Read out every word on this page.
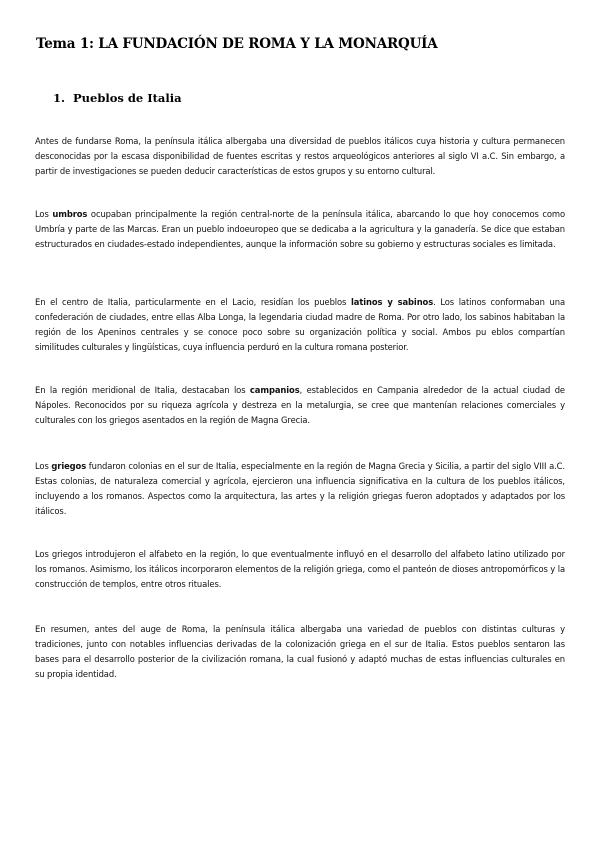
Tema 1: LA FUNDACIÓN DE ROMA Y LA MONARQUÍA
1. Pueblos de Italia

Antes de fundarse Roma, la península itálica albergaba una diversidad de pueblos itálicos cuya historia y cultura permanecen desconocidas por la escasa disponibilidad de fuentes escritas y restos arqueológicos anteriores al siglo VI a.C. Sin embargo, a partir de investigaciones se pueden deducir características de estos grupos y su entorno cultural.

Los umbros ocupaban principalmente la región central-norte de la península itálica, abarcando lo que hoy conocemos como Umbría y parte de las Marcas. Eran un pueblo indoeuropeo que se dedicaba a la agricultura y la ganadería. Se dice que estaban estructurados en ciudades-estado independientes, aunque la información sobre su gobierno y estructuras sociales es limitada.

En el centro de Italia, particularmente en el Lacio, residían los pueblos latinos y sabinos. Los latinos conformaban una confederación de ciudades, entre ellas Alba Longa, la legendaria ciudad madre de Roma. Por otro lado, los sabinos habitaban la región de los Apeninos centrales y se conoce poco sobre su organización política y social. Ambos pu eblos compartían similitudes culturales y lingüísticas, cuya influencia perduró en la cultura romana posterior.

En la región meridional de Italia, destacaban los campanios, establecidos en Campania alrededor de la actual ciudad de Nápoles. Reconocidos por su riqueza agrícola y destreza en la metalurgia, se cree que mantenían relaciones comerciales y culturales con los griegos asentados en la región de Magna Grecia.

Los griegos fundaron colonias en el sur de Italia, especialmente en la región de Magna Grecia y Sicilia, a partir del siglo VIII a.C. Estas colonias, de naturaleza comercial y agrícola, ejercieron una influencia significativa en la cultura de los pueblos itálicos, incluyendo a los romanos. Aspectos como la arquitectura, las artes y la religión griegas fueron adoptados y adaptados por los itálicos.

Los griegos introdujeron el alfabeto en la región, lo que eventualmente influyó en el desarrollo del alfabeto latino utilizado por los romanos. Asimismo, los itálicos incorporaron elementos de la religión griega, como el panteón de dioses antropomórficos y la construcción de templos, entre otros rituales.

En resumen, antes del auge de Roma, la península itálica albergaba una variedad de pueblos con distintas culturas y tradiciones, junto con notables influencias derivadas de la colonización griega en el sur de Italia. Estos pueblos sentaron las bases para el desarrollo posterior de la civilización romana, la cual fusionó y adaptó muchas de estas influencias culturales en su propia identidad.
